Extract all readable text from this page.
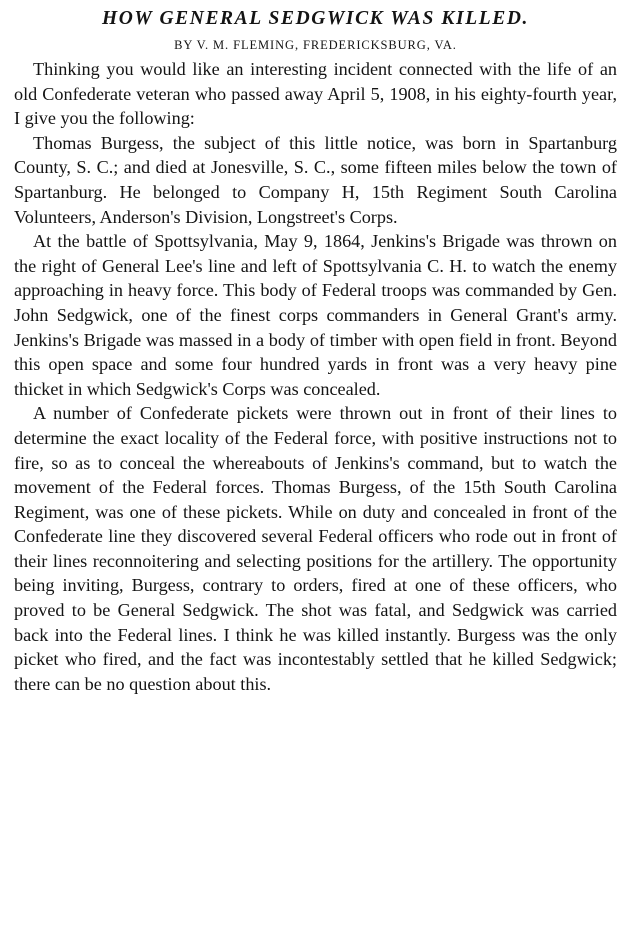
HOW GENERAL SEDGWICK WAS KILLED.
BY V. M. FLEMING, FREDERICKSBURG, VA.

Thinking you would like an interesting incident connected with the life of an old Confederate veteran who passed away April 5, 1908, in his eighty-fourth year, I give you the following:

Thomas Burgess, the subject of this little notice, was born in Spartanburg County, S. C.; and died at Jonesville, S. C., some fifteen miles below the town of Spartanburg. He belonged to Company H, 15th Regiment South Carolina Volunteers, Anderson's Division, Longstreet's Corps.

At the battle of Spottsylvania, May 9, 1864, Jenkins's Brigade was thrown on the right of General Lee's line and left of Spottsylvania C. H. to watch the enemy approaching in heavy force. This body of Federal troops was commanded by Gen. John Sedgwick, one of the finest corps commanders in General Grant's army. Jenkins's Brigade was massed in a body of timber with open field in front. Beyond this open space and some four hundred yards in front was a very heavy pine thicket in which Sedgwick's Corps was concealed.

A number of Confederate pickets were thrown out in front of their lines to determine the exact locality of the Federal force, with positive instructions not to fire, so as to conceal the whereabouts of Jenkins's command, but to watch the movement of the Federal forces. Thomas Burgess, of the 15th South Carolina Regiment, was one of these pickets. While on duty and concealed in front of the Confederate line they discovered several Federal officers who rode out in front of their lines reconnoitering and selecting positions for the artillery. The opportunity being inviting, Burgess, contrary to orders, fired at one of these officers, who proved to be General Sedgwick. The shot was fatal, and Sedgwick was carried back into the Federal lines. I think he was killed instantly. Burgess was the only picket who fired, and the fact was incontestably settled that he killed Sedgwick; there can be no question about this.
